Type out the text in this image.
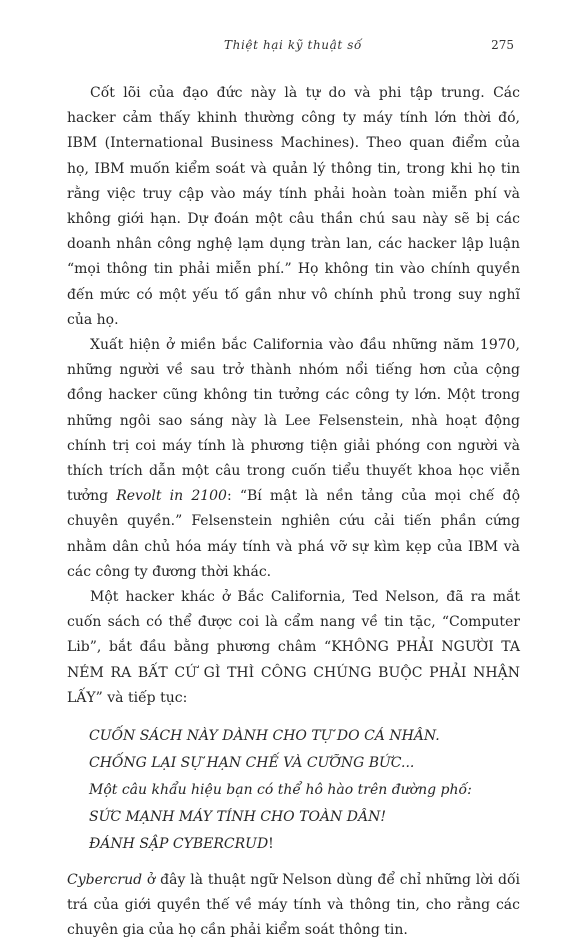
Thiệt hại kỹ thuật số	275

Cốt lõi của đạo đức này là tự do và phi tập trung. Các hacker cảm thấy khinh thường công ty máy tính lớn thời đó, IBM (International Business Machines). Theo quan điểm của họ, IBM muốn kiểm soát và quản lý thông tin, trong khi họ tin rằng việc truy cập vào máy tính phải hoàn toàn miễn phí và không giới hạn. Dự đoán một câu thần chú sau này sẽ bị các doanh nhân công nghệ lạm dụng tràn lan, các hacker lập luận “mọi thông tin phải miễn phí.” Họ không tin vào chính quyền đến mức có một yếu tố gần như vô chính phủ trong suy nghĩ của họ.

Xuất hiện ở miền bắc California vào đầu những năm 1970, những người về sau trở thành nhóm nổi tiếng hơn của cộng đồng hacker cũng không tin tưởng các công ty lớn. Một trong những ngôi sao sáng này là Lee Felsenstein, nhà hoạt động chính trị coi máy tính là phương tiện giải phóng con người và thích trích dẫn một câu trong cuốn tiểu thuyết khoa học viễn tưởng Revolt in 2100: “Bí mật là nền tảng của mọi chế độ chuyên quyền.” Felsenstein nghiên cứu cải tiến phần cứng nhằm dân chủ hóa máy tính và phá vỡ sự kìm kẹp của IBM và các công ty đương thời khác.

Một hacker khác ở Bắc California, Ted Nelson, đã ra mắt cuốn sách có thể được coi là cẩm nang về tin tặc, “Computer Lib”, bắt đầu bằng phương châm “KHÔNG PHẢI NGƯỜI TA NÉM RA BẤT CỨ GÌ THÌ CÔNG CHÚNG BUỘC PHẢI NHẬN LẤY” và tiếp tục:

CUỐN SÁCH NÀY DÀNH CHO TỰ DO CÁ NHÂN.
CHỐNG LẠI SỰ HẠN CHẾ VÀ CƯỠNG BỨC...
Một câu khẩu hiệu bạn có thể hô hào trên đường phố:
SỨC MẠNH MÁY TÍNH CHO TOÀN DÂN!
ĐÁNH SẬP CYBERCRUD!

Cybercrud ở đây là thuật ngữ Nelson dùng để chỉ những lời dối trá của giới quyền thế về máy tính và thông tin, cho rằng các chuyên gia của họ cần phải kiểm soát thông tin.
